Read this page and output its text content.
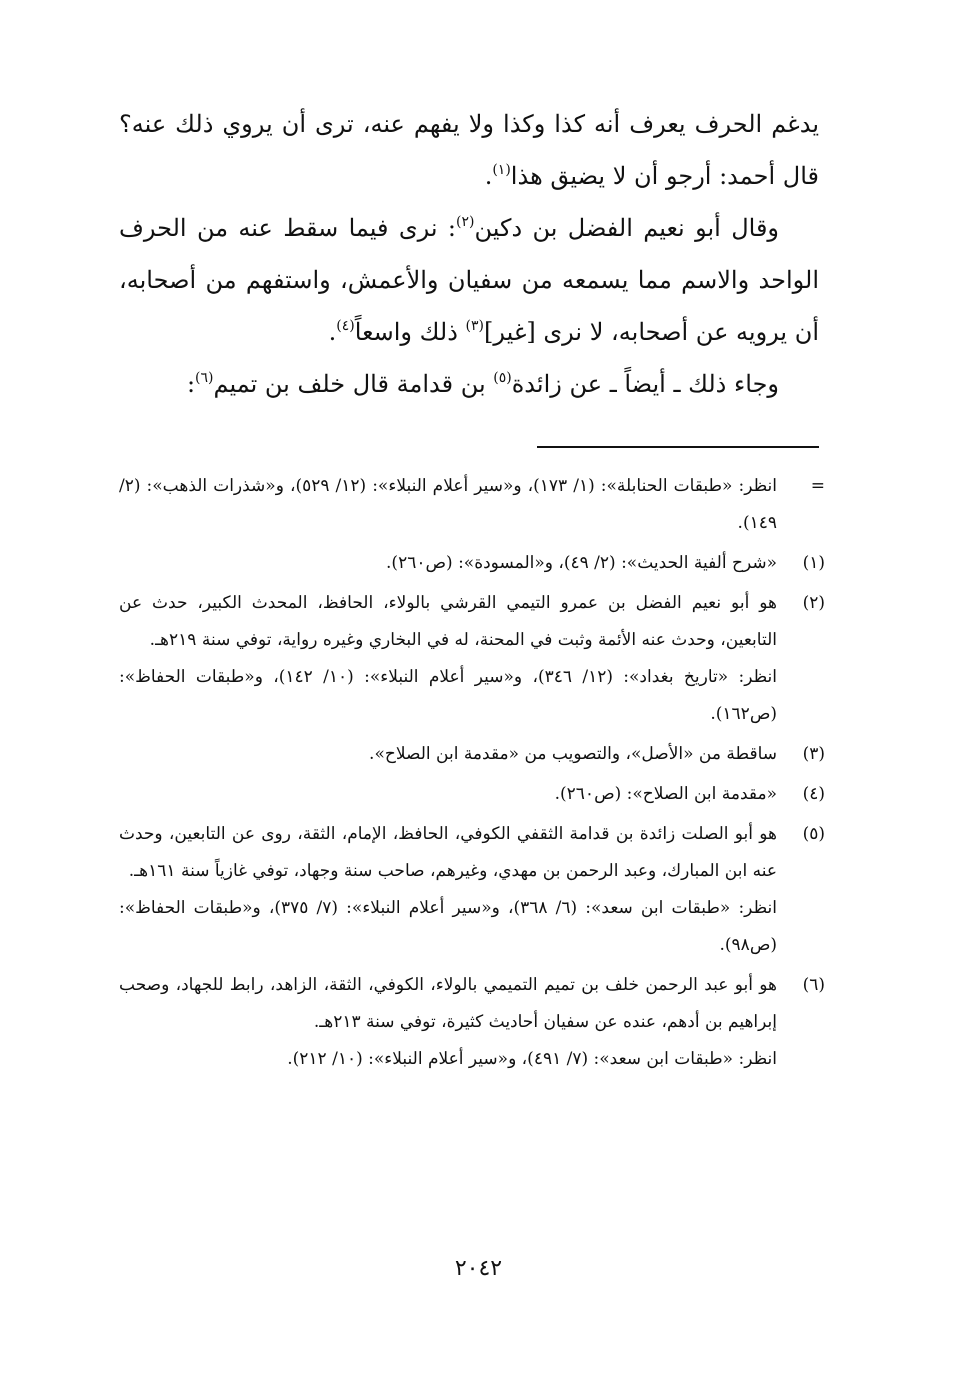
يدغم الحرف يعرف أنه كذا وكذا ولا يفهم عنه، ترى أن يروي ذلك عنه؟ قال أحمد: أرجو أن لا يضيق هذا$^{(١)}$.

وقال أبو نعيم الفضل بن دكين$^{(٢)}$: نرى فيما سقط عنه من الحرف الواحد والاسم مما يسمعه من سفيان والأعمش، واستفهم من أصحابه، أن يرويه عن أصحابه، لا نرى [غير]$^{(٣)}$ ذلك واسعاً$^{(٤)}$.

وجاء ذلك ـ أيضاً ـ عن زائدة$^{(٥)}$ بن قدامة قال خلف بن تميم$^{(٦)}$:

=
انظر: «طبقات الحنابلة»: (١/ ١٧٣)، و«سير أعلام النبلاء»: (١٢/ ٥٢٩)، و«شذرات الذهب»: (٢/ ١٤٩).
(١)
«شرح ألفية الحديث»: (٢/ ٤٩)، و«المسودة»: (ص٢٦٠).
(٢)
هو أبو نعيم الفضل بن عمرو التيمي القرشي بالولاء، الحافظ، المحدث الكبير، حدث عن التابعين، وحدث عنه الأئمة وثبت في المحنة، له في البخاري وغيره رواية، توفي سنة ٢١٩هـ.
انظر: «تاريخ بغداد»: (١٢/ ٣٤٦)، و«سير أعلام النبلاء»: (١٠/ ١٤٢)، و«طبقات الحفاظ»: (ص١٦٢).
(٣)
ساقطة من «الأصل»، والتصويب من «مقدمة ابن الصلاح».
(٤)
«مقدمة ابن الصلاح»: (ص٢٦٠).
(٥)
هو أبو الصلت زائدة بن قدامة الثقفي الكوفي، الحافظ، الإمام، الثقة، روى عن التابعين، وحدث عنه ابن المبارك، وعبد الرحمن بن مهدي، وغيرهم، صاحب سنة وجهاد، توفي غازياً سنة ١٦١هـ.
انظر: «طبقات ابن سعد»: (٦/ ٣٦٨)، و«سير أعلام النبلاء»: (٧/ ٣٧٥)، و«طبقات الحفاظ»: (ص٩٨).
(٦)
هو أبو عبد الرحمن خلف بن تميم التميمي بالولاء، الكوفي، الثقة، الزاهد، رابط للجهاد، وصحب إبراهيم بن أدهم، عنده عن سفيان أحاديث كثيرة، توفي سنة ٢١٣هـ.
انظر: «طبقات ابن سعد»: (٧/ ٤٩١)، و«سير أعلام النبلاء»: (١٠/ ٢١٢).
٢٠٤٢
